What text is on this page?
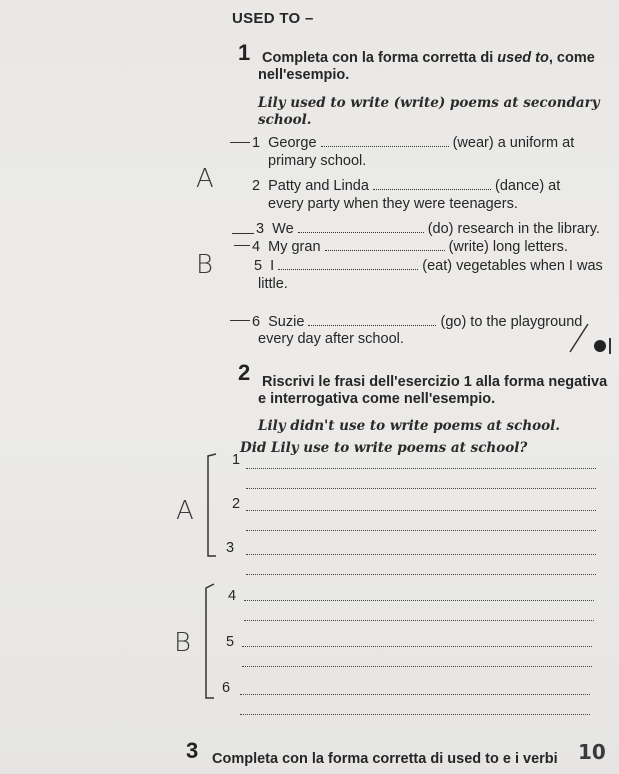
USED TO –
1 Completa con la forma corretta di used to, come
nell'esempio.
Lily used to write (write) poems at secondary
school.
1 George	(wear) a uniform at
primary school.
2 Patty and Linda	(dance) at
every party when they were teenagers.
3 We	(do) research in the library.
4 My gran	(write) long letters.
5 I	(eat) vegetables when I was
little.
6 Suzie	(go) to the playground
every day after school.
A
B
2 Riscrivi le frasi dell'esercizio 1 alla forma negativa
e interrogativa come nell'esempio.
Lily didn't use to write poems at school.
Did Lily use to write poems at school?
A
B
1
2
3
4
5
6
3 Completa con la forma corretta di used to e i verbi 10
